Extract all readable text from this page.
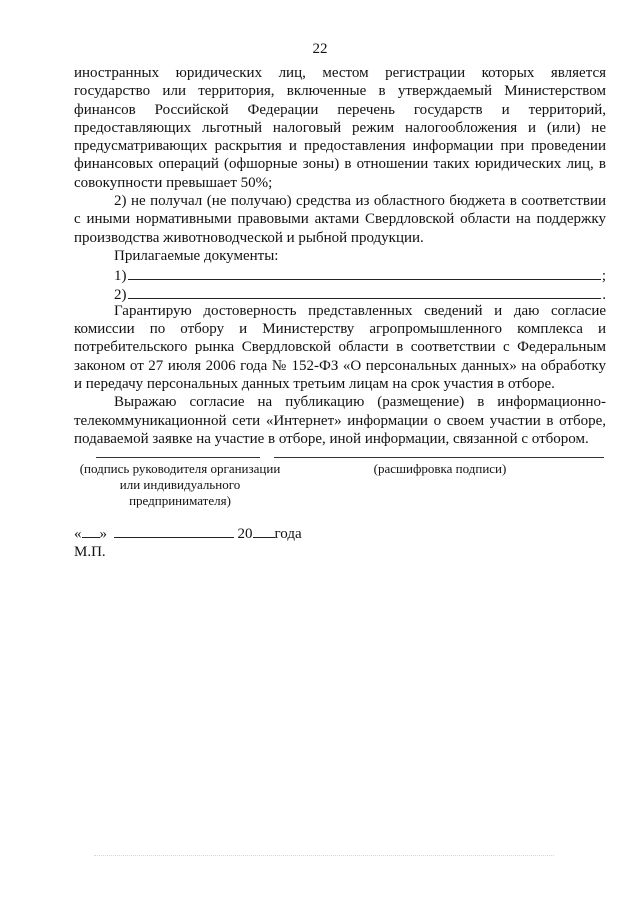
22

иностранных юридических лиц, местом регистрации которых является государство или территория, включенные в утверждаемый Министерством финансов Российской Федерации перечень государств и территорий, предоставляющих льготный налоговый режим налогообложения и (или) не предусматривающих раскрытия и предоставления информации при проведении финансовых операций (офшорные зоны) в отношении таких юридических лиц, в совокупности превышает 50%;

2) не получал (не получаю) средства из областного бюджета в соответствии с иными нормативными правовыми актами Свердловской области на поддержку производства животноводческой и рыбной продукции.

Прилагаемые документы:

1)	;
2)	.

Гарантирую достоверность представленных сведений и даю согласие комиссии по отбору и Министерству агропромышленного комплекса и потребительского рынка Свердловской области в соответствии с Федеральным законом от 27 июля 2006 года № 152-ФЗ «О персональных данных» на обработку и передачу персональных данных третьим лицам на срок участия в отборе.

Выражаю согласие на публикацию (размещение) в информационно-телекоммуникационной сети «Интернет» информации о своем участии в отборе, подаваемой заявке на участие в отборе, иной информации, связанной с отбором.

(подпись руководителя организации или индивидуального предпринимателя)
(расшифровка подписи)
« »	20 года
М.П.
